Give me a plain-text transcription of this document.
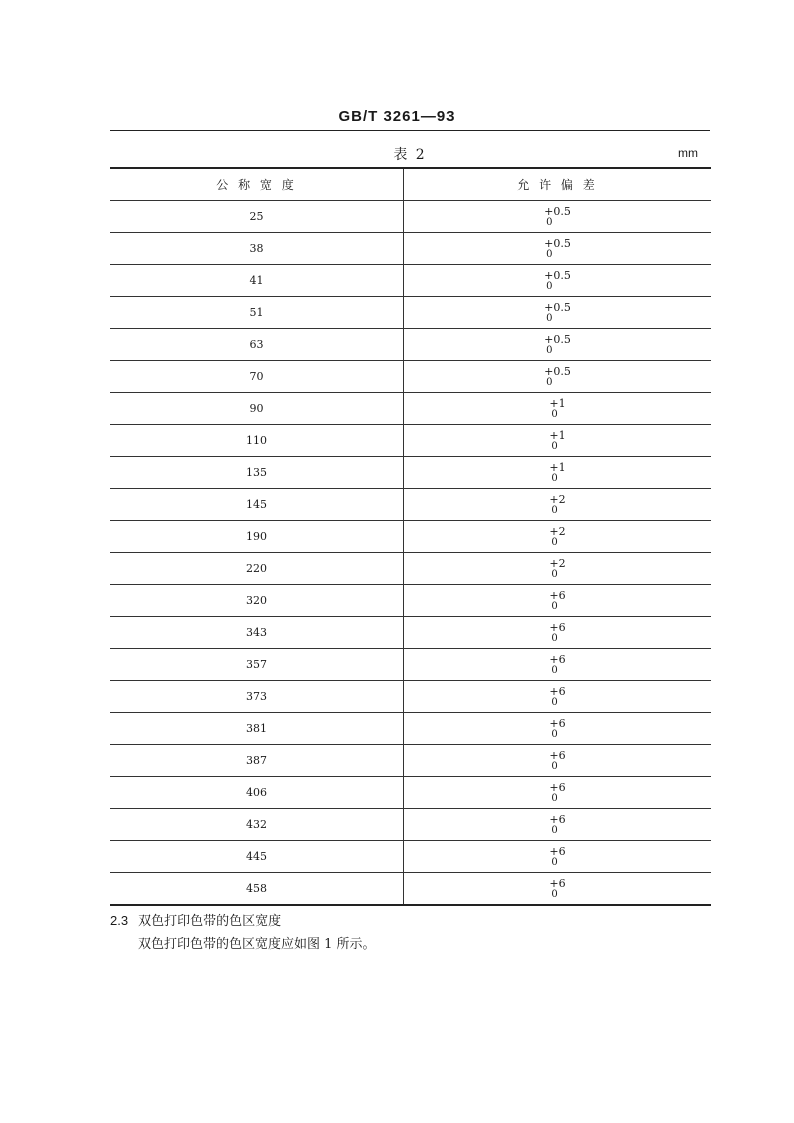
GB/T 3261—93
表 2	mm
公 称 宽 度	允 许 偏 差
25	+0.5
0

38	+0.5
0

41	+0.5
0

51	+0.5
0

63	+0.5
0

70	+0.5
0

90	+1
0

110	+1
0

135	+1
0

145	+2
0

190	+2
0

220	+2
0

320	+6
0

343	+6
0

357	+6
0

373	+6
0

381	+6
0

387	+6
0

406	+6
0

432	+6
0

445	+6
0

458	+6
0
2.3 双色打印色带的色区宽度
双色打印色带的色区宽度应如图 1 所示。
